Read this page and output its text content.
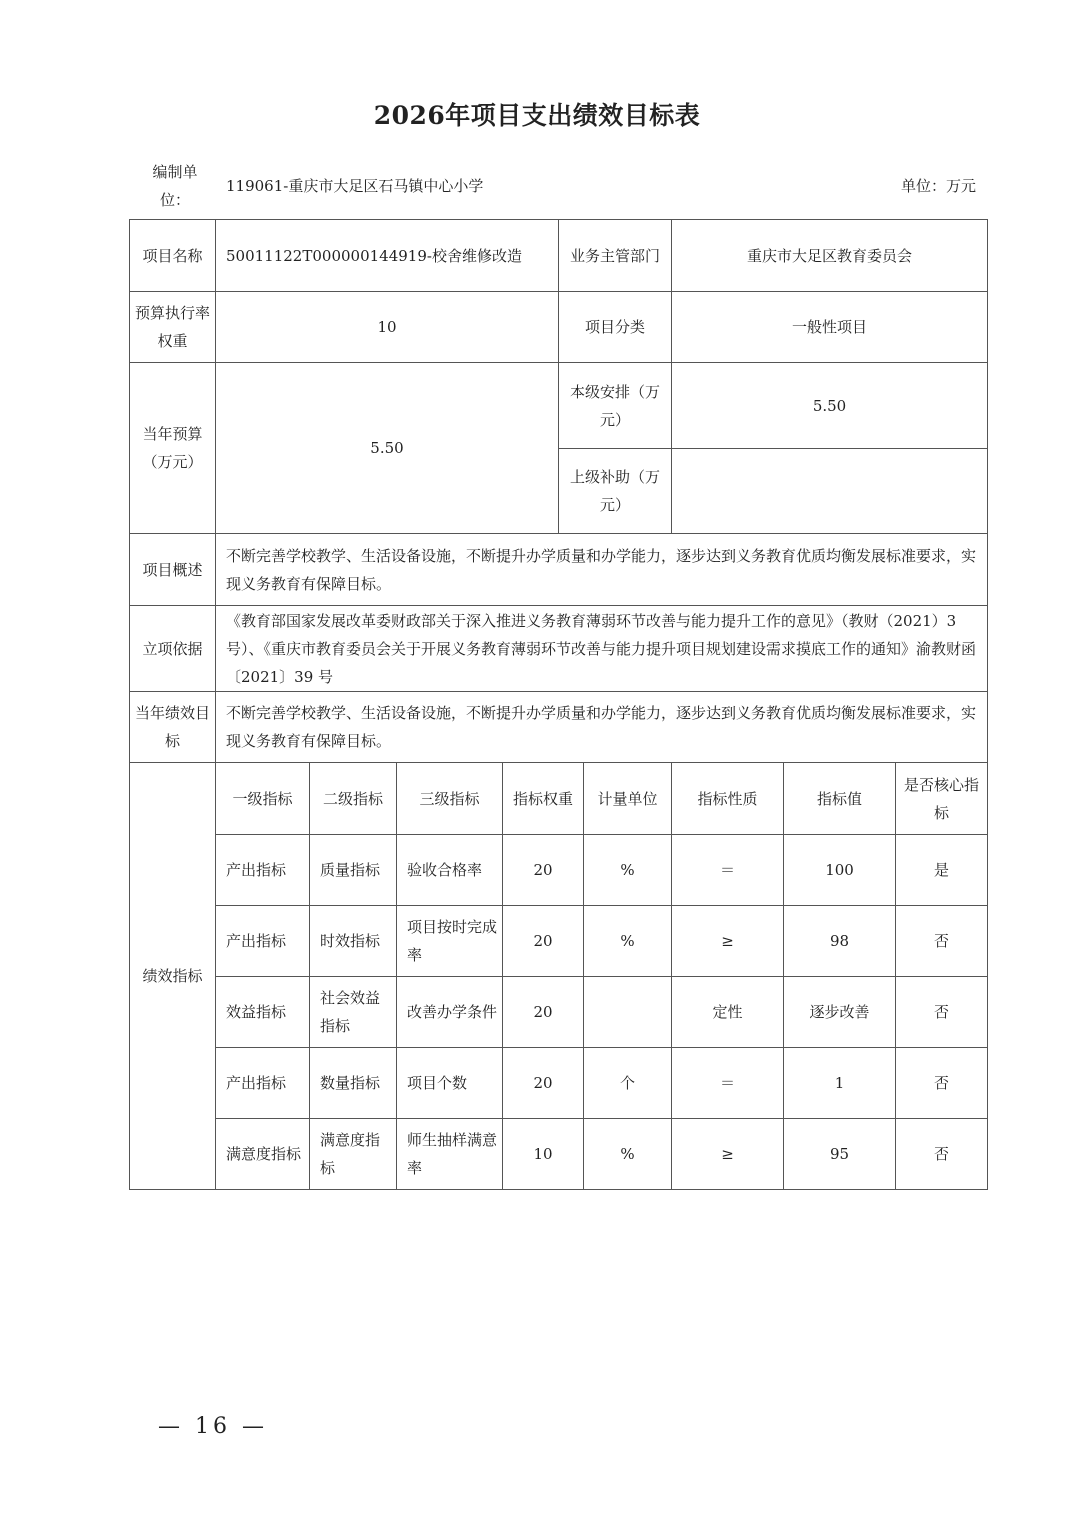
2026年项目支出绩效目标表
编制单位：
119061-重庆市大足区石马镇中心小学	单位：万元
项目名称	50011122T000000144919-校舍维修改造				业务主管部门		重庆市大足区教育委员会		
预算执行率权重	10				项目分类		一般性项目		
当年预算（万元）	5.50				本级安排（万元）		5.50		
					上级补助（万元）				
项目概述	不断完善学校教学、生活设备设施，不断提升办学质量和办学能力，逐步达到义务教育优质均衡发展标准要求，实现义务教育有保障目标。								
立项依据	《教育部国家发展改革委财政部关于深入推进义务教育薄弱环节改善与能力提升工作的意见》（教财（2021）3 号）、《重庆市教育委员会关于开展义务教育薄弱环节改善与能力提升项目规划建设需求摸底工作的通知》渝教财函〔2021〕39 号								
当年绩效目标	不断完善学校教学、生活设备设施，不断提升办学质量和办学能力，逐步达到义务教育优质均衡发展标准要求，实现义务教育有保障目标。								
绩效指标	一级指标	二级指标	三级指标	指标权重		计量单位	指标性质	指标值	是否核心指标
	产出指标	质量指标	验收合格率	20		%	＝	100	是
	产出指标	时效指标	项目按时完成率	20		%	≥	98	否
	效益指标	社会效益指标	改善办学条件	20			定性	逐步改善	否
	产出指标	数量指标	项目个数	20		个	＝	1	否
	满意度指标	满意度指标	师生抽样满意率	10		%	≥	95	否
— 16 —
